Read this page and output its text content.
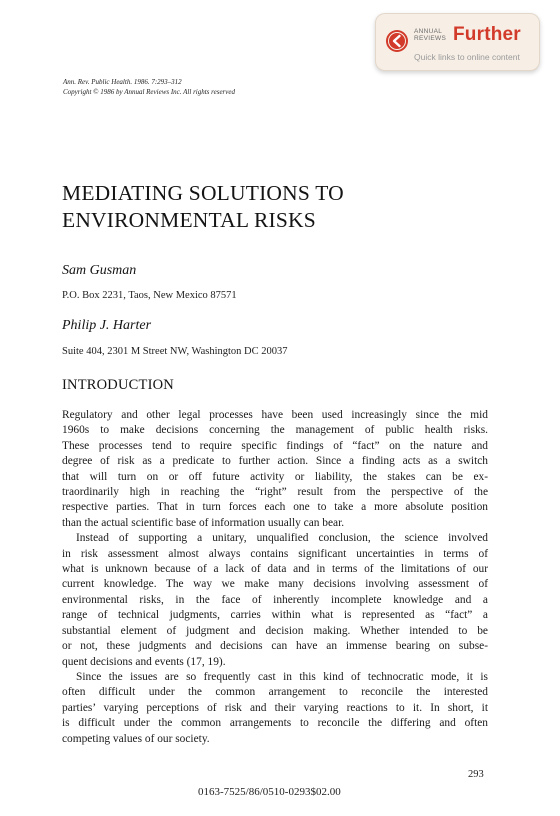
ANNUAL
REVIEWS Further
Quick links to online content
Ann. Rev. Public Health. 1986. 7:293–312
Copyright © 1986 by Annual Reviews Inc. All rights reserved
MEDIATING SOLUTIONS TO
ENVIRONMENTAL RISKS
Sam Gusman
P.O. Box 2231, Taos, New Mexico 87571
Philip J. Harter
Suite 404, 2301 M Street NW, Washington DC 20037
INTRODUCTION
Regulatory and other legal processes have been used increasingly since the mid
1960s to make decisions concerning the management of public health risks.
These processes tend to require specific findings of “fact” on the nature and
degree of risk as a predicate to further action. Since a finding acts as a switch
that will turn on or off future activity or liability, the stakes can be ex-
traordinarily high in reaching the “right” result from the perspective of the
respective parties. That in turn forces each one to take a more absolute position
than the actual scientific base of information usually can bear.
Instead of supporting a unitary, unqualified conclusion, the science involved
in risk assessment almost always contains significant uncertainties in terms of
what is unknown because of a lack of data and in terms of the limitations of our
current knowledge. The way we make many decisions involving assessment of
environmental risks, in the face of inherently incomplete knowledge and a
range of technical judgments, carries within what is represented as “fact” a
substantial element of judgment and decision making. Whether intended to be
or not, these judgments and decisions can have an immense bearing on subse-
quent decisions and events (17, 19).
Since the issues are so frequently cast in this kind of technocratic mode, it is
often difficult under the common arrangement to reconcile the interested
parties’ varying perceptions of risk and their varying reactions to it. In short, it
is difficult under the common arrangements to reconcile the differing and often
competing values of our society.
293
0163-7525/86/0510-0293$02.00
